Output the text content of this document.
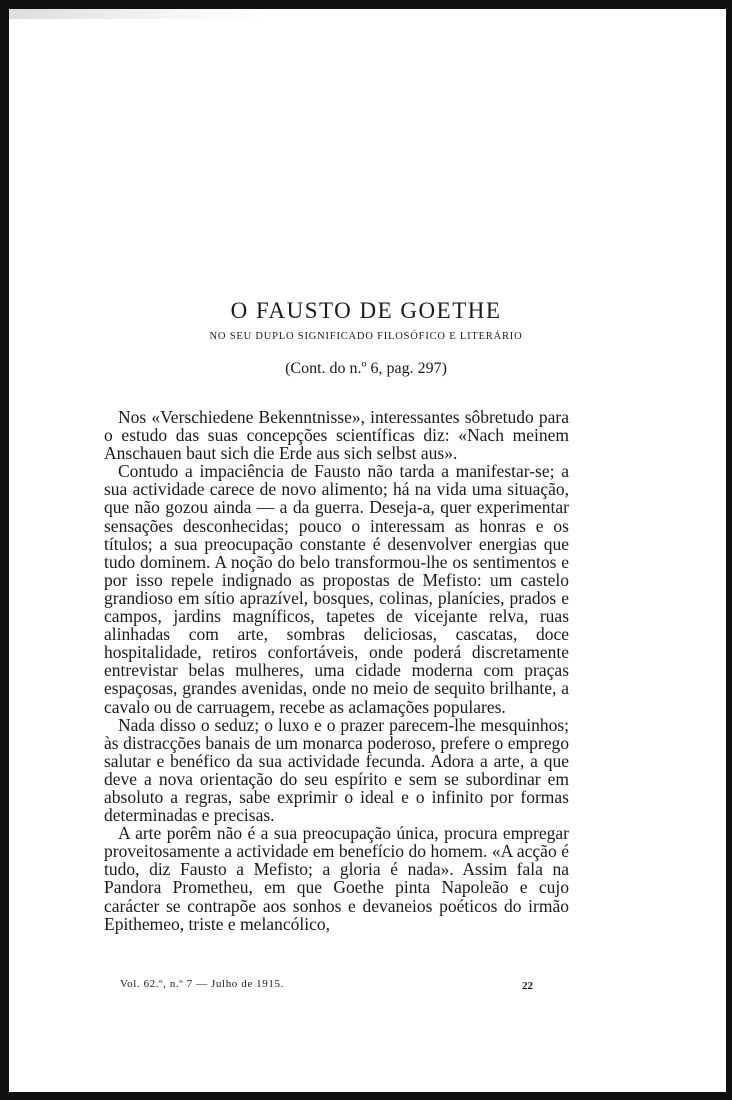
O FAUSTO DE GOETHE
NO SEU DUPLO SIGNIFICADO FILOSÓFICO E LITERÁRIO
(Cont. do n.º 6, pag. 297)

Nos «Verschiedene Bekenntnisse», interessantes sôbretudo para o estudo das suas concepções scientíficas diz: «Nach meinem Anschauen baut sich die Erde aus sich selbst aus».

Contudo a impaciência de Fausto não tarda a manifestar-se; a sua actividade carece de novo alimento; há na vida uma situação, que não gozou ainda — a da guerra. Deseja-a, quer experimentar sensações desconhecidas; pouco o interessam as honras e os títulos; a sua preocupação constante é desenvolver energias que tudo dominem. A noção do belo transformou-lhe os sentimentos e por isso repele indignado as propostas de Mefisto: um castelo grandioso em sítio aprazível, bosques, colinas, planícies, prados e campos, jardins magníficos, tapetes de vicejante relva, ruas alinhadas com arte, sombras deliciosas, cascatas, doce hospitalidade, retiros confortáveis, onde poderá discretamente entrevistar belas mulheres, uma cidade moderna com praças espaçosas, grandes avenidas, onde no meio de sequito brilhante, a cavalo ou de carruagem, recebe as aclamações populares.

Nada disso o seduz; o luxo e o prazer parecem-lhe mesquinhos; às distracções banais de um monarca poderoso, prefere o emprego salutar e benéfico da sua actividade fecunda. Adora a arte, a que deve a nova orientação do seu espírito e sem se subordinar em absoluto a regras, sabe exprimir o ideal e o infinito por formas determinadas e precisas.

A arte porêm não é a sua preocupação única, procura empregar proveitosamente a actividade em benefício do homem. «A acção é tudo, diz Fausto a Mefisto; a gloria é nada». Assim fala na Pandora Prometheu, em que Goethe pinta Napoleão e cujo carácter se contrapõe aos sonhos e devaneios poéticos do irmão Epithemeo, triste e melancólico,

Vol. 62.º, n.º 7 — Julho de 1915.	22
